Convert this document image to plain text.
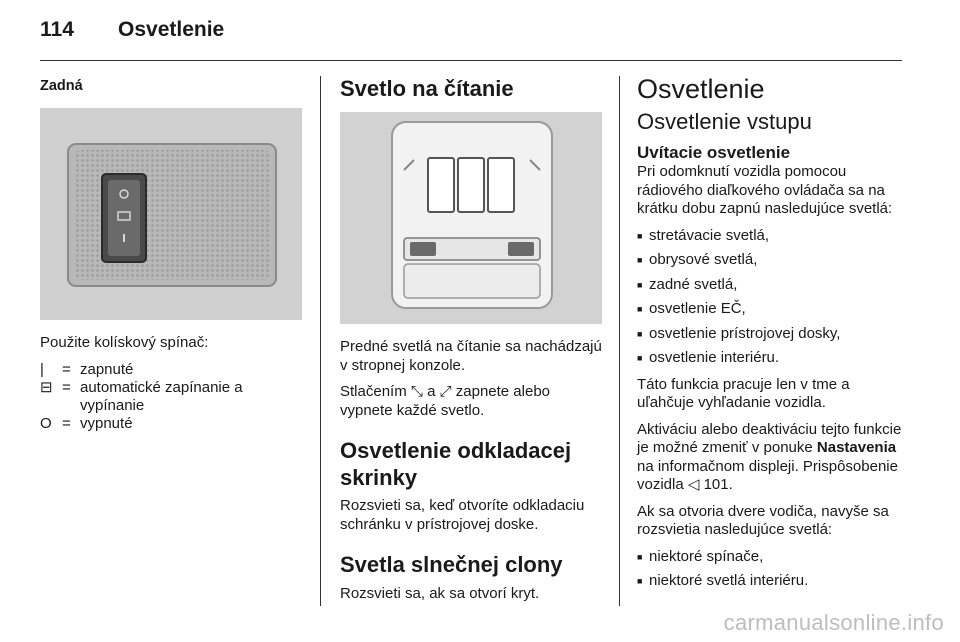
114	Osvetlenie
Zadná

Použite kolískový spínač:

|	= zapnuté
⊟ = automatické zapínanie a vypínanie
O = vypnuté
Svetlo na čítanie

Predné svetlá na čítanie sa nachádzajú v stropnej konzole.

Stlačením ⤡ a ⤢ zapnete alebo vypnete každé svetlo.

Osvetlenie odkladacej skrinky

Rozsvieti sa, keď otvoríte odkladaciu schránku v prístrojovej doske.

Svetla slnečnej clony

Rozsvieti sa, ak sa otvorí kryt.

Osvetlenie
Osvetlenie vstupu
Uvítacie osvetlenie

Pri odomknutí vozidla pomocou rádiového diaľkového ovládača sa na krátku dobu zapnú nasledujúce svetlá:

■ stretávacie svetlá,
■ obrysové svetlá,
■ zadné svetlá,
■ osvetlenie EČ,
■ osvetlenie prístrojovej dosky,
■ osvetlenie interiéru.

Táto funkcia pracuje len v tme a uľahčuje vyhľadanie vozidla.

Aktiváciu alebo deaktiváciu tejto funkcie je možné zmeniť v ponuke Nastavenia na informačnom displeji. Prispôsobenie vozidla ◁ 101.

Ak sa otvoria dvere vodiča, navyše sa rozsvietia nasledujúce svetlá:

■ niektoré spínače,
■ niektoré svetlá interiéru.
carmanualsonline.info
